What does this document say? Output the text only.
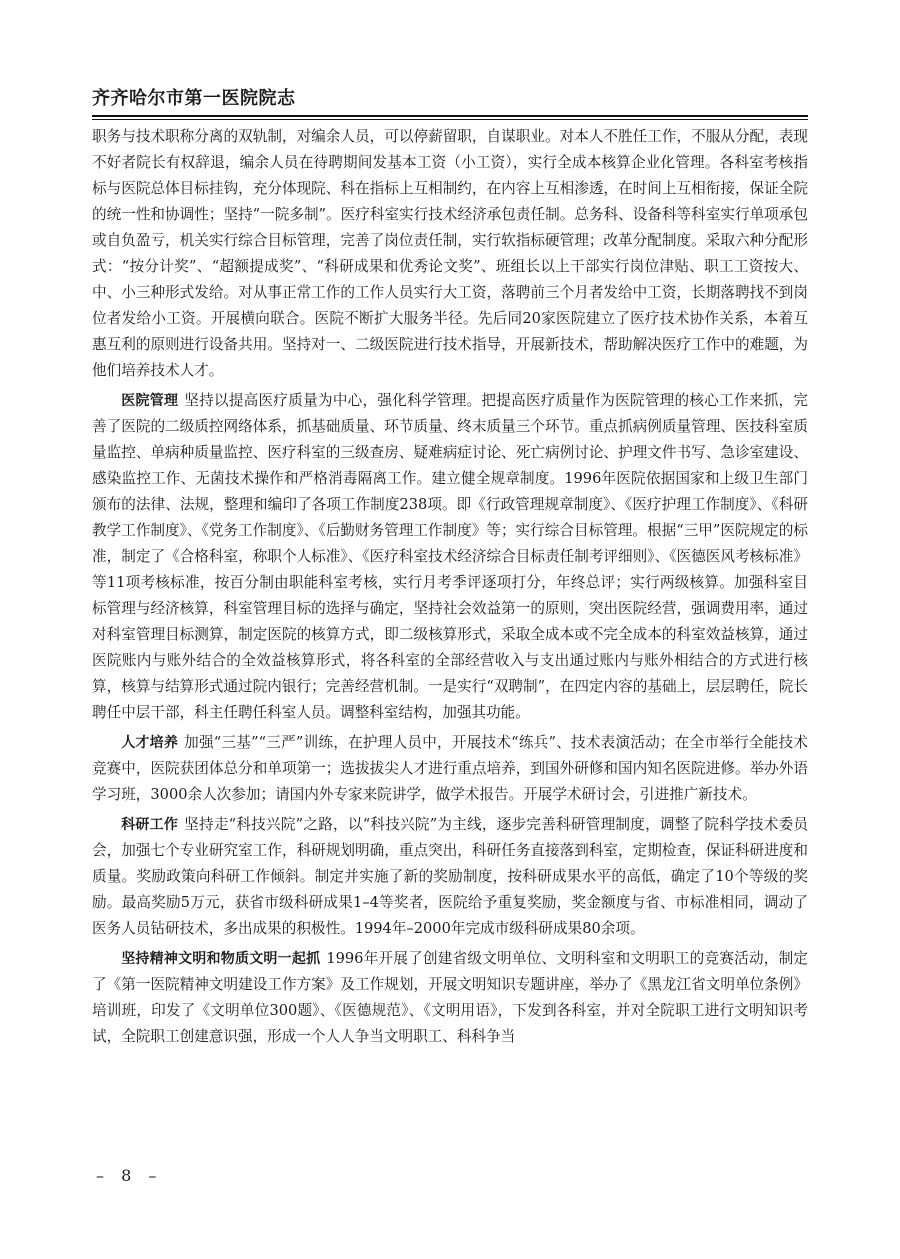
齐齐哈尔市第一医院院志

职务与技术职称分离的双轨制，对编余人员，可以停薪留职，自谋职业。对本人不胜任工作，不服从分配，表现不好者院长有权辞退，编余人员在待聘期间发基本工资（小工资），实行全成本核算企业化管理。各科室考核指标与医院总体目标挂钩，充分体现院、科在指标上互相制约，在内容上互相渗透，在时间上互相衔接，保证全院的统一性和协调性；坚持“一院多制”。医疗科室实行技术经济承包责任制。总务科、设备科等科室实行单项承包或自负盈亏，机关实行综合目标管理，完善了岗位责任制，实行软指标硬管理；改革分配制度。采取六种分配形式：“按分计奖”、“超额提成奖”、“科研成果和优秀论文奖”、班组长以上干部实行岗位津贴、职工工资按大、中、小三种形式发给。对从事正常工作的工作人员实行大工资，落聘前三个月者发给中工资，长期落聘找不到岗位者发给小工资。开展横向联合。医院不断扩大服务半径。先后同20家医院建立了医疗技术协作关系，本着互惠互利的原则进行设备共用。坚持对一、二级医院进行技术指导，开展新技术，帮助解决医疗工作中的难题，为他们培养技术人才。

医院管理 坚持以提高医疗质量为中心，强化科学管理。把提高医疗质量作为医院管理的核心工作来抓，完善了医院的二级质控网络体系，抓基础质量、环节质量、终末质量三个环节。重点抓病例质量管理、医技科室质量监控、单病种质量监控、医疗科室的三级查房、疑难病症讨论、死亡病例讨论、护理文件书写、急诊室建设、感染监控工作、无菌技术操作和严格消毒隔离工作。建立健全规章制度。1996年医院依据国家和上级卫生部门颁布的法律、法规，整理和编印了各项工作制度238项。即《行政管理规章制度》、《医疗护理工作制度》、《科研教学工作制度》、《党务工作制度》、《后勤财务管理工作制度》等；实行综合目标管理。根据“三甲”医院规定的标准，制定了《合格科室，称职个人标准》、《医疗科室技术经济综合目标责任制考评细则》、《医德医风考核标准》等11项考核标准，按百分制由职能科室考核，实行月考季评逐项打分，年终总评；实行两级核算。加强科室目标管理与经济核算，科室管理目标的选择与确定，坚持社会效益第一的原则，突出医院经营，强调费用率，通过对科室管理目标测算，制定医院的核算方式，即二级核算形式，采取全成本或不完全成本的科室效益核算，通过医院账内与账外结合的全效益核算形式，将各科室的全部经营收入与支出通过账内与账外相结合的方式进行核算，核算与结算形式通过院内银行；完善经营机制。一是实行“双聘制”，在四定内容的基础上，层层聘任，院长聘任中层干部，科主任聘任科室人员。调整科室结构，加强其功能。

人才培养 加强“三基”“三严”训练，在护理人员中，开展技术“练兵”、技术表演活动；在全市举行全能技术竞赛中，医院获团体总分和单项第一；选拔拔尖人才进行重点培养，到国外研修和国内知名医院进修。举办外语学习班，3000余人次参加；请国内外专家来院讲学，做学术报告。开展学术研讨会，引进推广新技术。

科研工作 坚持走“科技兴院”之路，以“科技兴院”为主线，逐步完善科研管理制度，调整了院科学技术委员会，加强七个专业研究室工作，科研规划明确，重点突出，科研任务直接落到科室，定期检查，保证科研进度和质量。奖励政策向科研工作倾斜。制定并实施了新的奖励制度，按科研成果水平的高低，确定了10个等级的奖励。最高奖励5万元，获省市级科研成果1–4等奖者，医院给予重复奖励，奖金额度与省、市标准相同，调动了医务人员钻研技术，多出成果的积极性。1994年–2000年完成市级科研成果80余项。

坚持精神文明和物质文明一起抓 1996年开展了创建省级文明单位、文明科室和文明职工的竞赛活动，制定了《第一医院精神文明建设工作方案》及工作规划，开展文明知识专题讲座，举办了《黑龙江省文明单位条例》培训班，印发了《文明单位300题》、《医德规范》、《文明用语》，下发到各科室，并对全院职工进行文明知识考试，全院职工创建意识强，形成一个人人争当文明职工、科科争当

– 8 –
